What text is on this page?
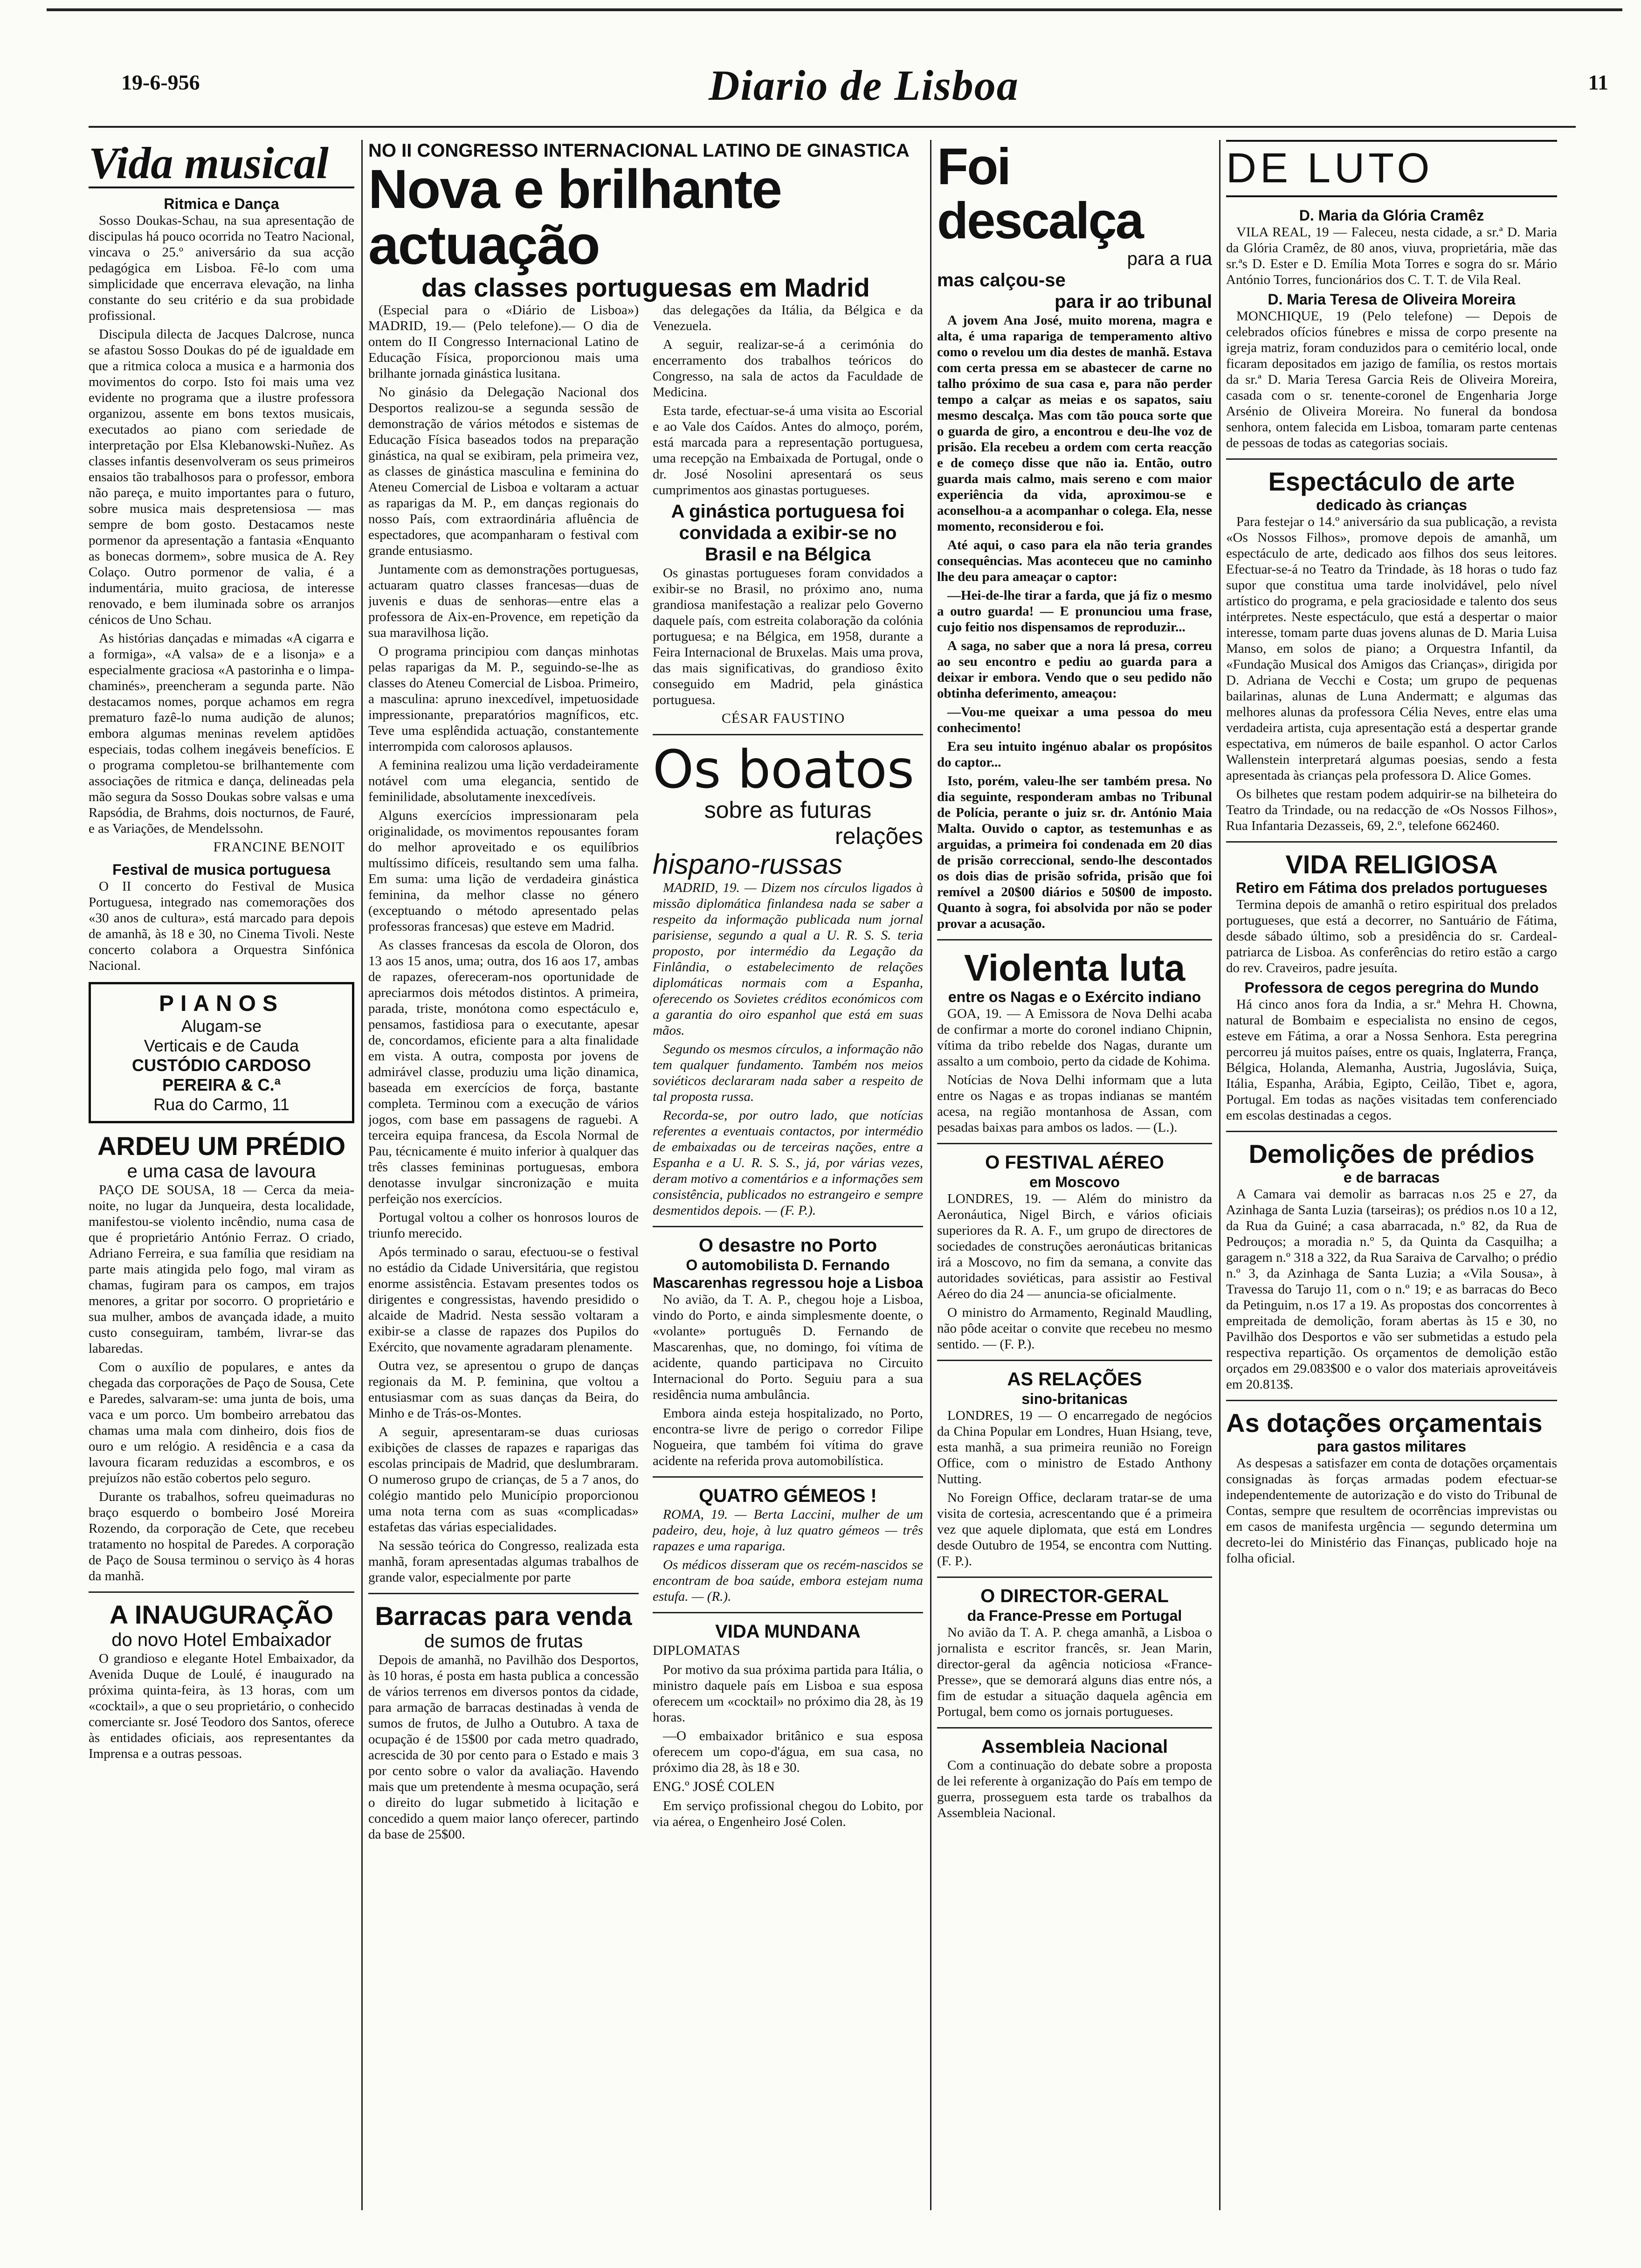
19-6-956	Diario de Lisboa	11
Vida musical
Ritmica e Dança

Sosso Doukas-Schau, na sua apresentação de discipulas há pouco ocorrida no Teatro Nacional, vincava o 25.º aniversário da sua acção pedagógica em Lisboa. Fê-lo com uma simplicidade que encerrava elevação, na linha constante do seu critério e da sua probidade profissional.

Discipula dilecta de Jacques Dalcrose, nunca se afastou Sosso Doukas do pé de igualdade em que a ritmica coloca a musica e a harmonia dos movimentos do corpo. Isto foi mais uma vez evidente no programa que a ilustre professora organizou, assente em bons textos musicais, executados ao piano com seriedade de interpretação por Elsa Klebanowski-Nuñez. As classes infantis desenvolveram os seus primeiros ensaios tão trabalhosos para o professor, embora não pareça, e muito importantes para o futuro, sobre musica mais despretensiosa — mas sempre de bom gosto. Destacamos neste pormenor da apresentação a fantasia «Enquanto as bonecas dormem», sobre musica de A. Rey Colaço. Outro pormenor de valia, é a indumentária, muito graciosa, de interesse renovado, e bem iluminada sobre os arranjos cénicos de Uno Schau.

As histórias dançadas e mimadas «A cigarra e a formiga», «A valsa» de e a lisonja» e a especialmente graciosa «A pastorinha e o limpa-chaminés», preencheram a segunda parte. Não destacamos nomes, porque achamos em regra prematuro fazê-lo numa audição de alunos; embora algumas meninas revelem aptidões especiais, todas colhem inegáveis benefícios. E o programa completou-se brilhantemente com associações de ritmica e dança, delineadas pela mão segura da Sosso Doukas sobre valsas e uma Rapsódia, de Brahms, dois nocturnos, de Fauré, e as Variações, de Mendelssohn.

FRANCINE BENOIT
Festival de musica portuguesa

O II concerto do Festival de Musica Portuguesa, integrado nas comemorações dos «30 anos de cultura», está marcado para depois de amanhã, às 18 e 30, no Cinema Tivoli. Neste concerto colabora a Orquestra Sinfónica Nacional.

PIANOS
Alugam-se
Verticais e de Cauda
CUSTÓDIO CARDOSO
PEREIRA & C.ª
Rua do Carmo, 11
ARDEU UM PRÉDIO
e uma casa de lavoura

PAÇO DE SOUSA, 18 — Cerca da meia-noite, no lugar da Junqueira, desta localidade, manifestou-se violento incêndio, numa casa de que é proprietário António Ferraz. O criado, Adriano Ferreira, e sua família que residiam na parte mais atingida pelo fogo, mal viram as chamas, fugiram para os campos, em trajos menores, a gritar por socorro. O proprietário e sua mulher, ambos de avançada idade, a muito custo conseguiram, também, livrar-se das labaredas.

Com o auxílio de populares, e antes da chegada das corporações de Paço de Sousa, Cete e Paredes, salvaram-se: uma junta de bois, uma vaca e um porco. Um bombeiro arrebatou das chamas uma mala com dinheiro, dois fios de ouro e um relógio. A residência e a casa da lavoura ficaram reduzidas a escombros, e os prejuízos não estão cobertos pelo seguro.

Durante os trabalhos, sofreu queimaduras no braço esquerdo o bombeiro José Moreira Rozendo, da corporação de Cete, que recebeu tratamento no hospital de Paredes. A corporação de Paço de Sousa terminou o serviço às 4 horas da manhã.

A INAUGURAÇÃO
do novo Hotel Embaixador

O grandioso e elegante Hotel Embaixador, da Avenida Duque de Loulé, é inaugurado na próxima quinta-feira, às 13 horas, com um «cocktail», a que o seu proprietário, o conhecido comerciante sr. José Teodoro dos Santos, oferece às entidades oficiais, aos representantes da Imprensa e a outras pessoas.

NO II CONGRESSO INTERNACIONAL LATINO DE GINASTICA
Nova e brilhante actuação
das classes portuguesas em Madrid

(Especial para o «Diário de Lisboa») MADRID, 19.— (Pelo telefone).— O dia de ontem do II Congresso Internacional Latino de Educação Física, proporcionou mais uma brilhante jornada ginástica lusitana.

No ginásio da Delegação Nacional dos Desportos realizou-se a segunda sessão de demonstração de vários métodos e sistemas de Educação Física baseados todos na preparação ginástica, na qual se exibiram, pela primeira vez, as classes de ginástica masculina e feminina do Ateneu Comercial de Lisboa e voltaram a actuar as raparigas da M. P., em danças regionais do nosso País, com extraordinária afluência de espectadores, que acompanharam o festival com grande entusiasmo.

Juntamente com as demonstrações portuguesas, actuaram quatro classes francesas—duas de juvenis e duas de senhoras—entre elas a professora de Aix-en-Provence, em repetição da sua maravilhosa lição.

O programa principiou com danças minhotas pelas raparigas da M. P., seguindo-se-lhe as classes do Ateneu Comercial de Lisboa. Primeiro, a masculina: apruno inexcedível, impetuosidade impressionante, preparatórios magníficos, etc. Teve uma esplêndida actuação, constantemente interrompida com calorosos aplausos.

A feminina realizou uma lição verdadeiramente notável com uma elegancia, sentido de feminilidade, absolutamente inexcedíveis.

Alguns exercícios impressionaram pela originalidade, os movimentos repousantes foram do melhor aproveitado e os equilíbrios multíssimo difíceis, resultando sem uma falha. Em suma: uma lição de verdadeira ginástica feminina, da melhor classe no género (exceptuando o método apresentado pelas professoras francesas) que esteve em Madrid.

As classes francesas da escola de Oloron, dos 13 aos 15 anos, uma; outra, dos 16 aos 17, ambas de rapazes, ofereceram-nos oportunidade de apreciarmos dois métodos distintos. A primeira, parada, triste, monótona como espectáculo e, pensamos, fastidiosa para o executante, apesar de, concordamos, eficiente para a alta finalidade em vista. A outra, composta por jovens de admirável classe, produziu uma lição dinamica, baseada em exercícios de força, bastante completa. Terminou com a execução de vários jogos, com base em passagens de raguebi. A terceira equipa francesa, da Escola Normal de Pau, técnicamente é muito inferior à qualquer das três classes femininas portuguesas, embora denotasse invulgar sincronização e muita perfeição nos exercícios.

Portugal voltou a colher os honrosos louros de triunfo merecido.

Após terminado o sarau, efectuou-se o festival no estádio da Cidade Universitária, que registou enorme assistência. Estavam presentes todos os dirigentes e congressistas, havendo presidido o alcaide de Madrid. Nesta sessão voltaram a exibir-se a classe de rapazes dos Pupilos do Exército, que novamente agradaram plenamente.

Outra vez, se apresentou o grupo de danças regionais da M. P. feminina, que voltou a entusiasmar com as suas danças da Beira, do Minho e de Trás-os-Montes.

A seguir, apresentaram-se duas curiosas exibições de classes de rapazes e raparigas das escolas principais de Madrid, que deslumbraram. O numeroso grupo de crianças, de 5 a 7 anos, do colégio mantido pelo Município proporcionou uma nota terna com as suas «complicadas» estafetas das várias especialidades.

Na sessão teórica do Congresso, realizada esta manhã, foram apresentadas algumas trabalhos de grande valor, especialmente por parte

Barracas para venda
de sumos de frutas

Depois de amanhã, no Pavilhão dos Desportos, às 10 horas, é posta em hasta publica a concessão de vários terrenos em diversos pontos da cidade, para armação de barracas destinadas à venda de sumos de frutos, de Julho a Outubro. A taxa de ocupação é de 15$00 por cada metro quadrado, acrescida de 30 por cento para o Estado e mais 3 por cento sobre o valor da avaliação. Havendo mais que um pretendente à mesma ocupação, será o direito do lugar submetido à licitação e concedido a quem maior lanço oferecer, partindo da base de 25$00.

das delegações da Itália, da Bélgica e da Venezuela.

A seguir, realizar-se-á a cerimónia do encerramento dos trabalhos teóricos do Congresso, na sala de actos da Faculdade de Medicina.

Esta tarde, efectuar-se-á uma visita ao Escorial e ao Vale dos Caídos. Antes do almoço, porém, está marcada para a representação portuguesa, uma recepção na Embaixada de Portugal, onde o dr. José Nosolini apresentará os seus cumprimentos aos ginastas portugueses.

A ginástica portuguesa foi convidada a exibir-se no Brasil e na Bélgica

Os ginastas portugueses foram convidados a exibir-se no Brasil, no próximo ano, numa grandiosa manifestação a realizar pelo Governo daquele país, com estreita colaboração da colónia portuguesa; e na Bélgica, em 1958, durante a Feira Internacional de Bruxelas. Mais uma prova, das mais significativas, do grandioso êxito conseguido em Madrid, pela ginástica portuguesa.

CÉSAR FAUSTINO
Os boatos
sobre as futuras
relações
hispano-russas

MADRID, 19. — Dizem nos círculos ligados à missão diplomática finlandesa nada se saber a respeito da informação publicada num jornal parisiense, segundo a qual a U. R. S. S. teria proposto, por intermédio da Legação da Finlândia, o estabelecimento de relações diplomáticas normais com a Espanha, oferecendo os Sovietes créditos económicos com a garantia do oiro espanhol que está em suas mãos.

Segundo os mesmos círculos, a informação não tem qualquer fundamento. Também nos meios soviéticos declararam nada saber a respeito de tal proposta russa.

Recorda-se, por outro lado, que notícias referentes a eventuais contactos, por intermédio de embaixadas ou de terceiras nações, entre a Espanha e a U. R. S. S., já, por várias vezes, deram motivo a comentários e a informações sem consistência, publicados no estrangeiro e sempre desmentidos depois. — (F. P.).

O desastre no Porto
O automobilista D. Fernando Mascarenhas regressou hoje a Lisboa

No avião, da T. A. P., chegou hoje a Lisboa, vindo do Porto, e ainda simplesmente doente, o «volante» português D. Fernando de Mascarenhas, que, no domingo, foi vítima de acidente, quando participava no Circuito Internacional do Porto. Seguiu para a sua residência numa ambulância.

Embora ainda esteja hospitalizado, no Porto, encontra-se livre de perigo o corredor Filipe Nogueira, que também foi vítima do grave acidente na referida prova automobilística.

QUATRO GÉMEOS !

ROMA, 19. — Berta Laccini, mulher de um padeiro, deu, hoje, à luz quatro gémeos — três rapazes e uma rapariga.

Os médicos disseram que os recém-nascidos se encontram de boa saúde, embora estejam numa estufa. — (R.).

VIDA MUNDANA
DIPLOMATAS

Por motivo da sua próxima partida para Itália, o ministro daquele país em Lisboa e sua esposa oferecem um «cocktail» no próximo dia 28, às 19 horas.

—O embaixador britânico e sua esposa oferecem um copo-d'água, em sua casa, no próximo dia 28, às 18 e 30.

ENG.º JOSÉ COLEN

Em serviço profissional chegou do Lobito, por via aérea, o Engenheiro José Colen.

Foi descalça
para a rua
mas calçou-se
para ir ao tribunal

A jovem Ana José, muito morena, magra e alta, é uma rapariga de temperamento altivo como o revelou um dia destes de manhã. Estava com certa pressa em se abastecer de carne no talho próximo de sua casa e, para não perder tempo a calçar as meias e os sapatos, saiu mesmo descalça. Mas com tão pouca sorte que o guarda de giro, a encontrou e deu-lhe voz de prisão. Ela recebeu a ordem com certa reacção e de começo disse que não ia. Então, outro guarda mais calmo, mais sereno e com maior experiência da vida, aproximou-se e aconselhou-a a acompanhar o colega. Ela, nesse momento, reconsiderou e foi.

Até aqui, o caso para ela não teria grandes consequências. Mas aconteceu que no caminho lhe deu para ameaçar o captor:

—Hei-de-lhe tirar a farda, que já fiz o mesmo a outro guarda! — E pronunciou uma frase, cujo feitio nos dispensamos de reproduzir...

A saga, no saber que a nora lá presa, correu ao seu encontro e pediu ao guarda para a deixar ir embora. Vendo que o seu pedido não obtinha deferimento, ameaçou:

—Vou-me queixar a uma pessoa do meu conhecimento!

Era seu intuito ingénuo abalar os propósitos do captor...

Isto, porém, valeu-lhe ser também presa. No dia seguinte, responderam ambas no Tribunal de Polícia, perante o juiz sr. dr. António Maia Malta. Ouvido o captor, as testemunhas e as arguidas, a primeira foi condenada em 20 dias de prisão correccional, sendo-lhe descontados os dois dias de prisão sofrida, prisão que foi remível a 20$00 diários e 50$00 de imposto. Quanto à sogra, foi absolvida por não se poder provar a acusação.

Violenta luta
entre os Nagas e o Exército indiano

GOA, 19. — A Emissora de Nova Delhi acaba de confirmar a morte do coronel indiano Chipnin, vítima da tribo rebelde dos Nagas, durante um assalto a um comboio, perto da cidade de Kohima.

Notícias de Nova Delhi informam que a luta entre os Nagas e as tropas indianas se mantém acesa, na região montanhosa de Assan, com pesadas baixas para ambos os lados. — (L.).

O FESTIVAL AÉREO
em Moscovo

LONDRES, 19. — Além do ministro da Aeronáutica, Nigel Birch, e vários oficiais superiores da R. A. F., um grupo de directores de sociedades de construções aeronáuticas britanicas irá a Moscovo, no fim da semana, a convite das autoridades soviéticas, para assistir ao Festival Aéreo do dia 24 — anuncia-se oficialmente.

O ministro do Armamento, Reginald Maudling, não pôde aceitar o convite que recebeu no mesmo sentido. — (F. P.).

AS RELAÇÕES
sino-britanicas

LONDRES, 19 — O encarregado de negócios da China Popular em Londres, Huan Hsiang, teve, esta manhã, a sua primeira reunião no Foreign Office, com o ministro de Estado Anthony Nutting.

No Foreign Office, declaram tratar-se de uma visita de cortesia, acrescentando que é a primeira vez que aquele diplomata, que está em Londres desde Outubro de 1954, se encontra com Nutting. (F. P.).

O DIRECTOR-GERAL
da France-Presse em Portugal

No avião da T. A. P. chega amanhã, a Lisboa o jornalista e escritor francês, sr. Jean Marin, director-geral da agência noticiosa «France-Presse», que se demorará alguns dias entre nós, a fim de estudar a situação daquela agência em Portugal, bem como os jornais portugueses.

Assembleia Nacional

Com a continuação do debate sobre a proposta de lei referente à organização do País em tempo de guerra, prosseguem esta tarde os trabalhos da Assembleia Nacional.

DE LUTO
D. Maria da Glória Cramêz

VILA REAL, 19 — Faleceu, nesta cidade, a sr.ª D. Maria da Glória Cramêz, de 80 anos, viuva, proprietária, mãe das sr.ªs D. Ester e D. Emília Mota Torres e sogra do sr. Mário António Torres, funcionários dos C. T. T. de Vila Real.

D. Maria Teresa de Oliveira Moreira

MONCHIQUE, 19 (Pelo telefone) — Depois de celebrados ofícios fúnebres e missa de corpo presente na igreja matriz, foram conduzidos para o cemitério local, onde ficaram depositados em jazigo de família, os restos mortais da sr.ª D. Maria Teresa Garcia Reis de Oliveira Moreira, casada com o sr. tenente-coronel de Engenharia Jorge Arsénio de Oliveira Moreira. No funeral da bondosa senhora, ontem falecida em Lisboa, tomaram parte centenas de pessoas de todas as categorias sociais.

Espectáculo de arte
dedicado às crianças

Para festejar o 14.º aniversário da sua publicação, a revista «Os Nossos Filhos», promove depois de amanhã, um espectáculo de arte, dedicado aos filhos dos seus leitores. Efectuar-se-á no Teatro da Trindade, às 18 horas o tudo faz supor que constitua uma tarde inolvidável, pelo nível artístico do programa, e pela graciosidade e talento dos seus intérpretes. Neste espectáculo, que está a despertar o maior interesse, tomam parte duas jovens alunas de D. Maria Luisa Manso, em solos de piano; a Orquestra Infantil, da «Fundação Musical dos Amigos das Crianças», dirigida por D. Adriana de Vecchi e Costa; um grupo de pequenas bailarinas, alunas de Luna Andermatt; e algumas das melhores alunas da professora Célia Neves, entre elas uma verdadeira artista, cuja apresentação está a despertar grande espectativa, em números de baile espanhol. O actor Carlos Wallenstein interpretará algumas poesias, sendo a festa apresentada às crianças pela professora D. Alice Gomes.

Os bilhetes que restam podem adquirir-se na bilheteira do Teatro da Trindade, ou na redacção de «Os Nossos Filhos», Rua Infantaria Dezasseis, 69, 2.º, telefone 662460.

VIDA RELIGIOSA
Retiro em Fátima dos prelados portugueses

Termina depois de amanhã o retiro espiritual dos prelados portugueses, que está a decorrer, no Santuário de Fátima, desde sábado último, sob a presidência do sr. Cardeal-patriarca de Lisboa. As conferências do retiro estão a cargo do rev. Craveiros, padre jesuíta.

Professora de cegos peregrina do Mundo

Há cinco anos fora da India, a sr.ª Mehra H. Chowna, natural de Bombaim e especialista no ensino de cegos, esteve em Fátima, a orar a Nossa Senhora. Esta peregrina percorreu já muitos países, entre os quais, Inglaterra, França, Bélgica, Holanda, Alemanha, Austria, Jugoslávia, Suiça, Itália, Espanha, Arábia, Egipto, Ceilão, Tibet e, agora, Portugal. Em todas as nações visitadas tem conferenciado em escolas destinadas a cegos.

Demolições de prédios
e de barracas

A Camara vai demolir as barracas n.os 25 e 27, da Azinhaga de Santa Luzia (tarseiras); os prédios n.os 10 a 12, da Rua da Guiné; a casa abarracada, n.º 82, da Rua de Pedrouços; a moradia n.º 5, da Quinta da Casquilha; a garagem n.º 318 a 322, da Rua Saraiva de Carvalho; o prédio n.º 3, da Azinhaga de Santa Luzia; a «Vila Sousa», à Travessa do Tarujo 11, com o n.º 19; e as barracas do Beco da Petinguim, n.os 17 a 19. As propostas dos concorrentes à empreitada de demolição, foram abertas às 15 e 30, no Pavilhão dos Desportos e vão ser submetidas a estudo pela respectiva repartição. Os orçamentos de demolição estão orçados em 29.083$00 e o valor dos materiais aproveitáveis em 20.813$.

As dotações orçamentais
para gastos militares

As despesas a satisfazer em conta de dotações orçamentais consignadas às forças armadas podem efectuar-se independentemente de autorização e do visto do Tribunal de Contas, sempre que resultem de ocorrências imprevistas ou em casos de manifesta urgência — segundo determina um decreto-lei do Ministério das Finanças, publicado hoje na folha oficial.
